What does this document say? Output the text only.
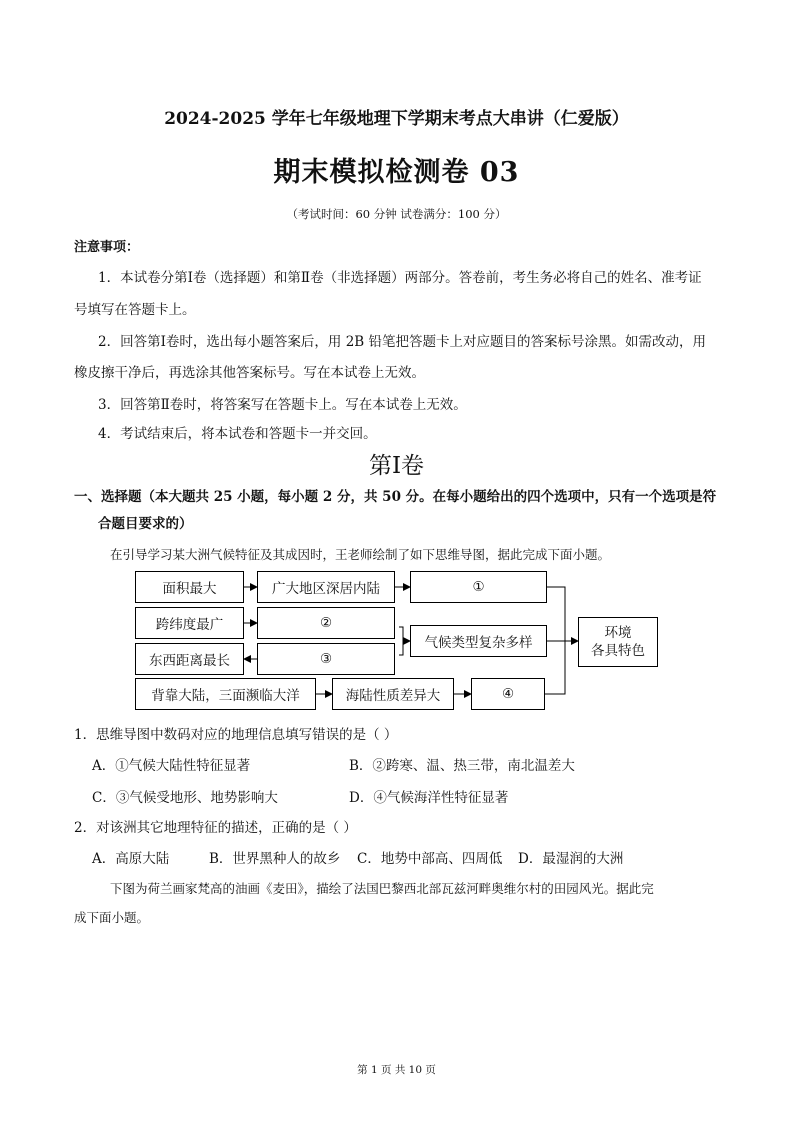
2024-2025 学年七年级地理下学期末考点大串讲（仁爱版）
期末模拟检测卷 03
（考试时间：60 分钟 试卷满分：100 分）
注意事项：
1．本试卷分第Ⅰ卷（选择题）和第Ⅱ卷（非选择题）两部分。答卷前，考生务必将自己的姓名、准考证
号填写在答题卡上。
2．回答第Ⅰ卷时，选出每小题答案后，用 2B 铅笔把答题卡上对应题目的答案标号涂黑。如需改动，用
橡皮擦干净后，再选涂其他答案标号。写在本试卷上无效。
3．回答第Ⅱ卷时，将答案写在答题卡上。写在本试卷上无效。
4．考试结束后，将本试卷和答题卡一并交回。
第Ⅰ卷
一、选择题（本大题共 25 小题，每小题 2 分，共 50 分。在每小题给出的四个选项中，只有一个选项是符
合题目要求的）
在引导学习某大洲气候特征及其成因时，王老师绘制了如下思维导图，据此完成下面小题。
面积最大	广大地区深居内陆	①
跨纬度最广	②
东西距离最长	③
气候类型复杂多样
环境
各具特色
背靠大陆，三面濒临大洋	海陆性质差异大	④
1．思维导图中数码对应的地理信息填写错误的是（ ）
A．①气候大陆性特征显著	B．②跨寒、温、热三带，南北温差大
C．③气候受地形、地势影响大	D．④气候海洋性特征显著
2．对该洲其它地理特征的描述，正确的是（ ）
A．高原大陆	B．世界黑种人的故乡 C．地势中部高、四周低 D．最湿润的大洲
下图为荷兰画家梵高的油画《麦田》，描绘了法国巴黎西北部瓦兹河畔奥维尔村的田园风光。据此完
成下面小题。
第 1 页 共 10 页
